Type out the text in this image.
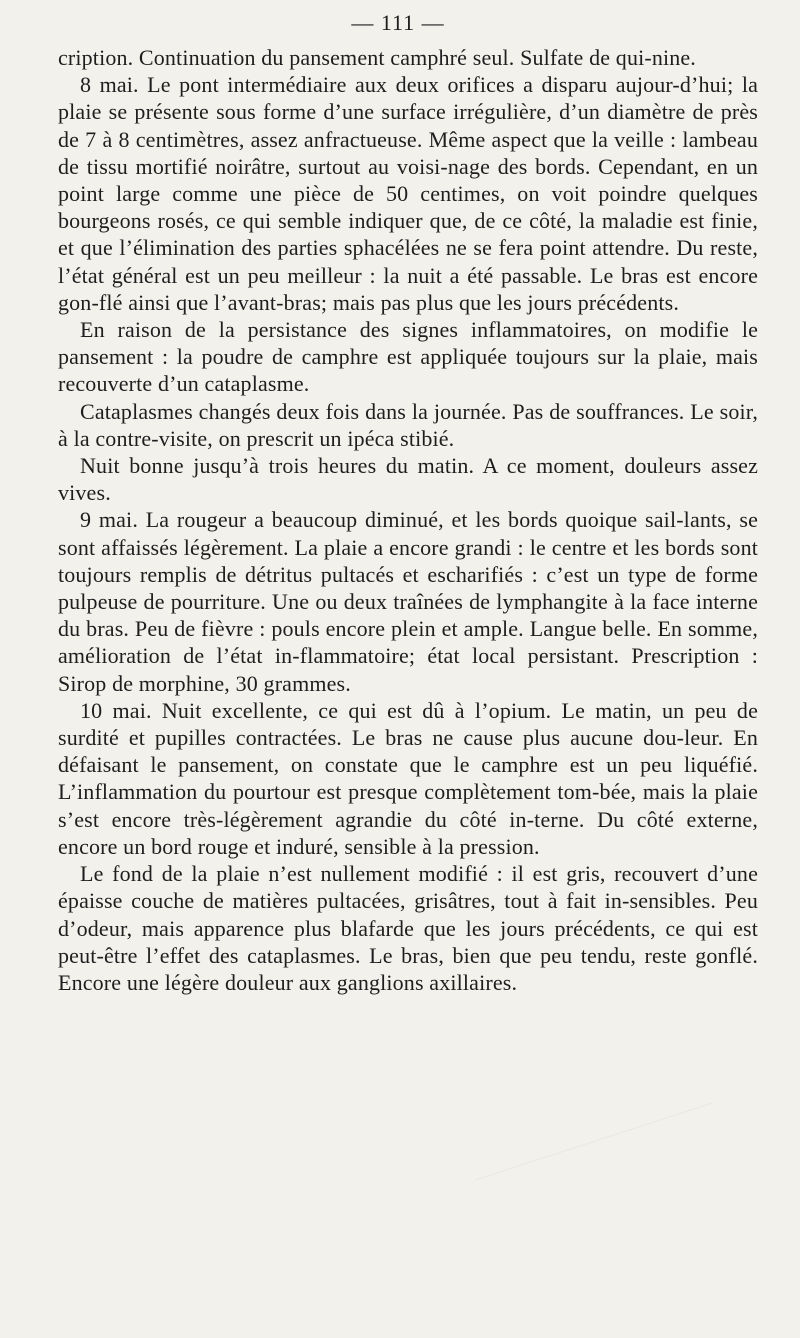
— 111 —

cription. Continuation du pansement camphré seul. Sulfate de qui-nine.

8 mai. Le pont intermédiaire aux deux orifices a disparu aujour-d’hui; la plaie se présente sous forme d’une surface irrégulière, d’un diamètre de près de 7 à 8 centimètres, assez anfractueuse. Même aspect que la veille : lambeau de tissu mortifié noirâtre, surtout au voisi-nage des bords. Cependant, en un point large comme une pièce de 50 centimes, on voit poindre quelques bourgeons rosés, ce qui semble indiquer que, de ce côté, la maladie est finie, et que l’élimination des parties sphacélées ne se fera point attendre. Du reste, l’état général est un peu meilleur : la nuit a été passable. Le bras est encore gon-flé ainsi que l’avant-bras; mais pas plus que les jours précédents.

En raison de la persistance des signes inflammatoires, on modifie le pansement : la poudre de camphre est appliquée toujours sur la plaie, mais recouverte d’un cataplasme.

Cataplasmes changés deux fois dans la journée. Pas de souffrances. Le soir, à la contre-visite, on prescrit un ipéca stibié.

Nuit bonne jusqu’à trois heures du matin. A ce moment, douleurs assez vives.

9 mai. La rougeur a beaucoup diminué, et les bords quoique sail-lants, se sont affaissés légèrement. La plaie a encore grandi : le centre et les bords sont toujours remplis de détritus pultacés et escharifiés : c’est un type de forme pulpeuse de pourriture. Une ou deux traînées de lymphangite à la face interne du bras. Peu de fièvre : pouls encore plein et ample. Langue belle. En somme, amélioration de l’état in-flammatoire; état local persistant. Prescription : Sirop de morphine, 30 grammes.

10 mai. Nuit excellente, ce qui est dû à l’opium. Le matin, un peu de surdité et pupilles contractées. Le bras ne cause plus aucune dou-leur. En défaisant le pansement, on constate que le camphre est un peu liquéfié. L’inflammation du pourtour est presque complètement tom-bée, mais la plaie s’est encore très-légèrement agrandie du côté in-terne. Du côté externe, encore un bord rouge et induré, sensible à la pression.

Le fond de la plaie n’est nullement modifié : il est gris, recouvert d’une épaisse couche de matières pultacées, grisâtres, tout à fait in-sensibles. Peu d’odeur, mais apparence plus blafarde que les jours précédents, ce qui est peut-être l’effet des cataplasmes. Le bras, bien que peu tendu, reste gonflé. Encore une légère douleur aux ganglions axillaires.
